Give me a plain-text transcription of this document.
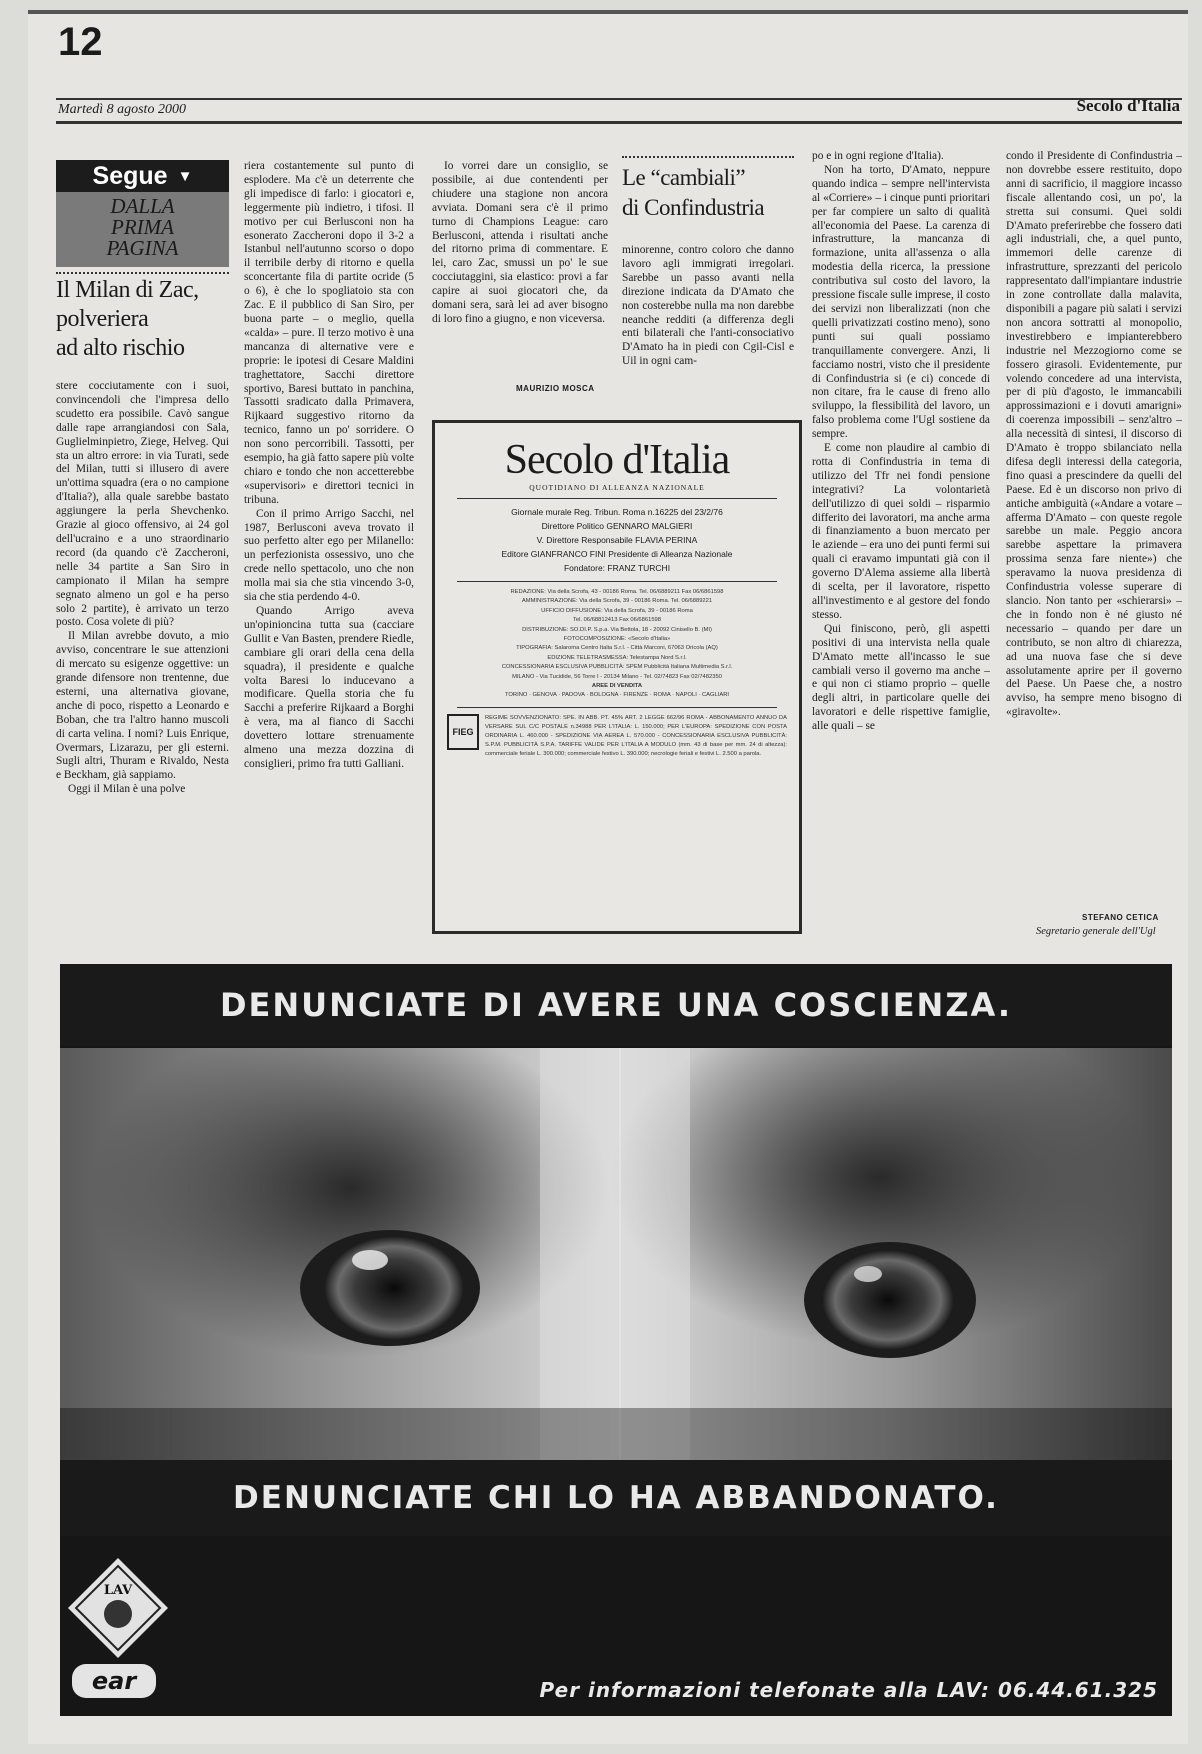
12
Martedì 8 agosto 2000	Secolo d'Italia
Segue ▼
DALLA
PRIMA
PAGINA
Il Milan di Zac,
polveriera
ad alto rischio

stere cocciutamente con i suoi, convincendoli che l'impresa dello scudetto era possibile. Cavò sangue dalle rape arrangiandosi con Sala, Guglielminpietro, Ziege, Helveg. Qui sta un altro errore: in via Turati, sede del Milan, tutti si illusero di avere un'ottima squadra (era o no campione d'Italia?), alla quale sarebbe bastato aggiungere la perla Shevchenko. Grazie al gioco offensivo, ai 24 gol dell'ucraino e a uno straordinario record (da quando c'è Zaccheroni, nelle 34 partite a San Siro in campionato il Milan ha sempre segnato almeno un gol e ha perso solo 2 partite), è arrivato un terzo posto. Cosa volete di più?

Il Milan avrebbe dovuto, a mio avviso, concentrare le sue attenzioni di mercato su esigenze oggettive: un grande difensore non trentenne, due esterni, una alternativa giovane, anche di poco, rispetto a Leonardo e Boban, che tra l'altro hanno muscoli di carta velina. I nomi? Luis Enrique, Overmars, Lizarazu, per gli esterni. Sugli altri, Thuram e Rivaldo, Nesta e Beckham, già sappiamo.

Oggi il Milan è una polve

riera costantemente sul punto di esplodere. Ma c'è un deterrente che gli impedisce di farlo: i giocatori e, leggermente più indietro, i tifosi. Il motivo per cui Berlusconi non ha esonerato Zaccheroni dopo il 3-2 a Istanbul nell'autunno scorso o dopo il terribile derby di ritorno e quella sconcertante fila di partite ocride (5 o 6), è che lo spogliatoio sta con Zac. E il pubblico di San Siro, per buona parte – o meglio, quella «calda» – pure. Il terzo motivo è una mancanza di alternative vere e proprie: le ipotesi di Cesare Maldini traghettatore, Sacchi direttore sportivo, Baresi buttato in panchina, Tassotti sradicato dalla Primavera, Rijkaard suggestivo ritorno da tecnico, fanno un po' sorridere. O non sono percorribili. Tassotti, per esempio, ha già fatto sapere più volte chiaro e tondo che non accetterebbe «supervisori» e direttori tecnici in tribuna.

Con il primo Arrigo Sacchi, nel 1987, Berlusconi aveva trovato il suo perfetto alter ego per Milanello: un perfezionista ossessivo, uno che crede nello spettacolo, uno che non molla mai sia che stia vincendo 3-0, sia che stia perdendo 4-0.

Quando Arrigo aveva un'opinioncina tutta sua (cacciare Gullit e Van Basten, prendere Riedle, cambiare gli orari della cena della squadra), il presidente e qualche volta Baresi lo inducevano a modificare. Quella storia che fu Sacchi a preferire Rijkaard a Borghi è vera, ma al fianco di Sacchi dovettero lottare strenuamente almeno una mezza dozzina di consiglieri, primo fra tutti Galliani.

Io vorrei dare un consiglio, se possibile, ai due contendenti per chiudere una stagione non ancora avviata. Domani sera c'è il primo turno di Champions League: caro Berlusconi, attenda i risultati anche del ritorno prima di commentare. E lei, caro Zac, smussi un po' le sue cocciutaggini, sia elastico: provi a far capire ai suoi giocatori che, da domani sera, sarà lei ad aver bisogno di loro fino a giugno, e non viceversa.

MAURIZIO MOSCA
Le “cambiali”
di Confindustria

minorenne, contro coloro che danno lavoro agli immigrati irregolari. Sarebbe un passo avanti nella direzione indicata da D'Amato che non costerebbe nulla ma non darebbe neanche redditi (a differenza degli enti bilaterali che l'anti-consociativo D'Amato ha in piedi con Cgil-Cisl e Uil in ogni cam-

po e in ogni regione d'Italia).

Non ha torto, D'Amato, neppure quando indica – sempre nell'intervista al «Corriere» – i cinque punti prioritari per far compiere un salto di qualità all'economia del Paese. La carenza di infrastrutture, la mancanza di formazione, unita all'assenza o alla modestia della ricerca, la pressione contributiva sul costo del lavoro, la pressione fiscale sulle imprese, il costo dei servizi non liberalizzati (non che quelli privatizzati costino meno), sono punti sui quali possiamo tranquillamente convergere. Anzi, li facciamo nostri, visto che il presidente di Confindustria si (e ci) concede di non citare, fra le cause di freno allo sviluppo, la flessibilità del lavoro, un falso problema come l'Ugl sostiene da sempre.

E come non plaudire al cambio di rotta di Confindustria in tema di utilizzo del Tfr nei fondi pensione integrativi? La volontarietà dell'utilizzo di quei soldi – risparmio differito dei lavoratori, ma anche arma di finanziamento a buon mercato per le aziende – era uno dei punti fermi sui quali ci eravamo impuntati già con il governo D'Alema assieme alla libertà di scelta, per il lavoratore, rispetto all'investimento e al gestore del fondo stesso.

Qui finiscono, però, gli aspetti positivi di una intervista nella quale D'Amato mette all'incasso le sue cambiali verso il governo ma anche – e qui non ci stiamo proprio – quelle degli altri, in particolare quelle dei lavoratori e delle rispettive famiglie, alle quali – se

condo il Presidente di Confindustria – non dovrebbe essere restituito, dopo anni di sacrificio, il maggiore incasso fiscale allentando così, un po', la stretta sui consumi. Quei soldi D'Amato preferirebbe che fossero dati agli industriali, che, a quel punto, immemori delle carenze di infrastrutture, sprezzanti del pericolo rappresentato dall'impiantare industrie in zone controllate dalla malavita, disponibili a pagare più salati i servizi non ancora sottratti al monopolio, investirebbero e impianterebbero industrie nel Mezzogiorno come se fossero girasoli. Evidentemente, pur volendo concedere ad una intervista, per di più d'agosto, le immancabili approssimazioni e i dovuti amarigni» di coerenza impossibili – senz'altro – alla necessità di sintesi, il discorso di D'Amato è troppo sbilanciato nella difesa degli interessi della categoria, fino quasi a prescindere da quelli del Paese. Ed è un discorso non privo di antiche ambiguità («Andare a votare – afferma D'Amato – con queste regole sarebbe un male. Peggio ancora sarebbe aspettare la primavera prossima senza fare niente») che speravamo la nuova presidenza di Confindustria volesse superare di slancio. Non tanto per «schierarsi» – che in fondo non è né giusto né necessario – quando per dare un contributo, se non altro di chiarezza, ad una nuova fase che si deve assolutamente aprire per il governo del Paese. Un Paese che, a nostro avviso, ha sempre meno bisogno di «giravolte».

STEFANO CETICA
Segretario generale dell'Ugl
Secolo d'Italia
QUOTIDIANO DI ALLEANZA NAZIONALE
Giornale murale Reg. Tribun. Roma n.16225 del 23/2/76
Direttore Politico GENNARO MALGIERI
V. Direttore Responsabile FLAVIA PERINA
Editore GIANFRANCO FINI Presidente di Alleanza Nazionale
Fondatore: FRANZ TURCHI
REDAZIONE: Via della Scrofa, 43 - 00186 Roma. Tel. 06/6889211 Fax 06/6861598
AMMINISTRAZIONE: Via della Scrofa, 39 - 00186 Roma. Tel. 06/6889221
UFFICIO DIFFUSIONE: Via della Scrofa, 39 - 00186 Roma
Tel. 06/68812413 Fax 06/6861598
DISTRIBUZIONE: SO.DI.P. S.p.a. Via Bettola, 18 - 20092 Cinisello B. (MI)
FOTOCOMPOSIZIONE: «Secolo d'Italia»
TIPOGRAFIA: Salaroma Centro Italia S.r.l. - Città Marconi, 67063 Oricola (AQ)
EDIZIONE TELETRASMESSA: Telestampa Nord S.r.l.
CONCESSIONARIA ESCLUSIVA PUBBLICITÀ: SPEM Pubblicità Italiana Multimedia S.r.l.
MILANO - Via Tucidide, 56 Torre I - 20134 Milano - Tel. 02/74823 Fax 02/7482350
AREE DI VENDITA
TORINO · GENOVA · PADOVA · BOLOGNA · FIRENZE · ROMA · NAPOLI · CAGLIARI
FIEG
REGIME SOVVENZIONATO: SPE. IN ABB. PT. 45% ART. 2 LEGGE 662/96 ROMA - ABBONAMENTO ANNUO DA VERSARE SUL C/C POSTALE n.34988 PER L'ITALIA: L. 150.000; PER L'EUROPA: SPEDIZIONE CON POSTA ORDINARIA L. 460.000 - SPEDIZIONE VIA AEREA L. 570.000 - CONCESSIONARIA ESCLUSIVA PUBBLICITÀ: S.P.M. PUBBLICITÀ S.P.A. TARIFFE VALIDE PER L'ITALIA A MODULO (mm. 43 di base per mm. 24 di altezza): commerciale feriale L. 300.000; commerciale festivo L. 390.000; necrologie feriali e festivi L. 2.500 a parola.
DENUNCIATE DI AVERE UNA COSCIENZA.
DENUNCIATE CHI LO HA ABBANDONATO.
LAV
ear	Per informazioni telefonate alla LAV: 06.44.61.325
